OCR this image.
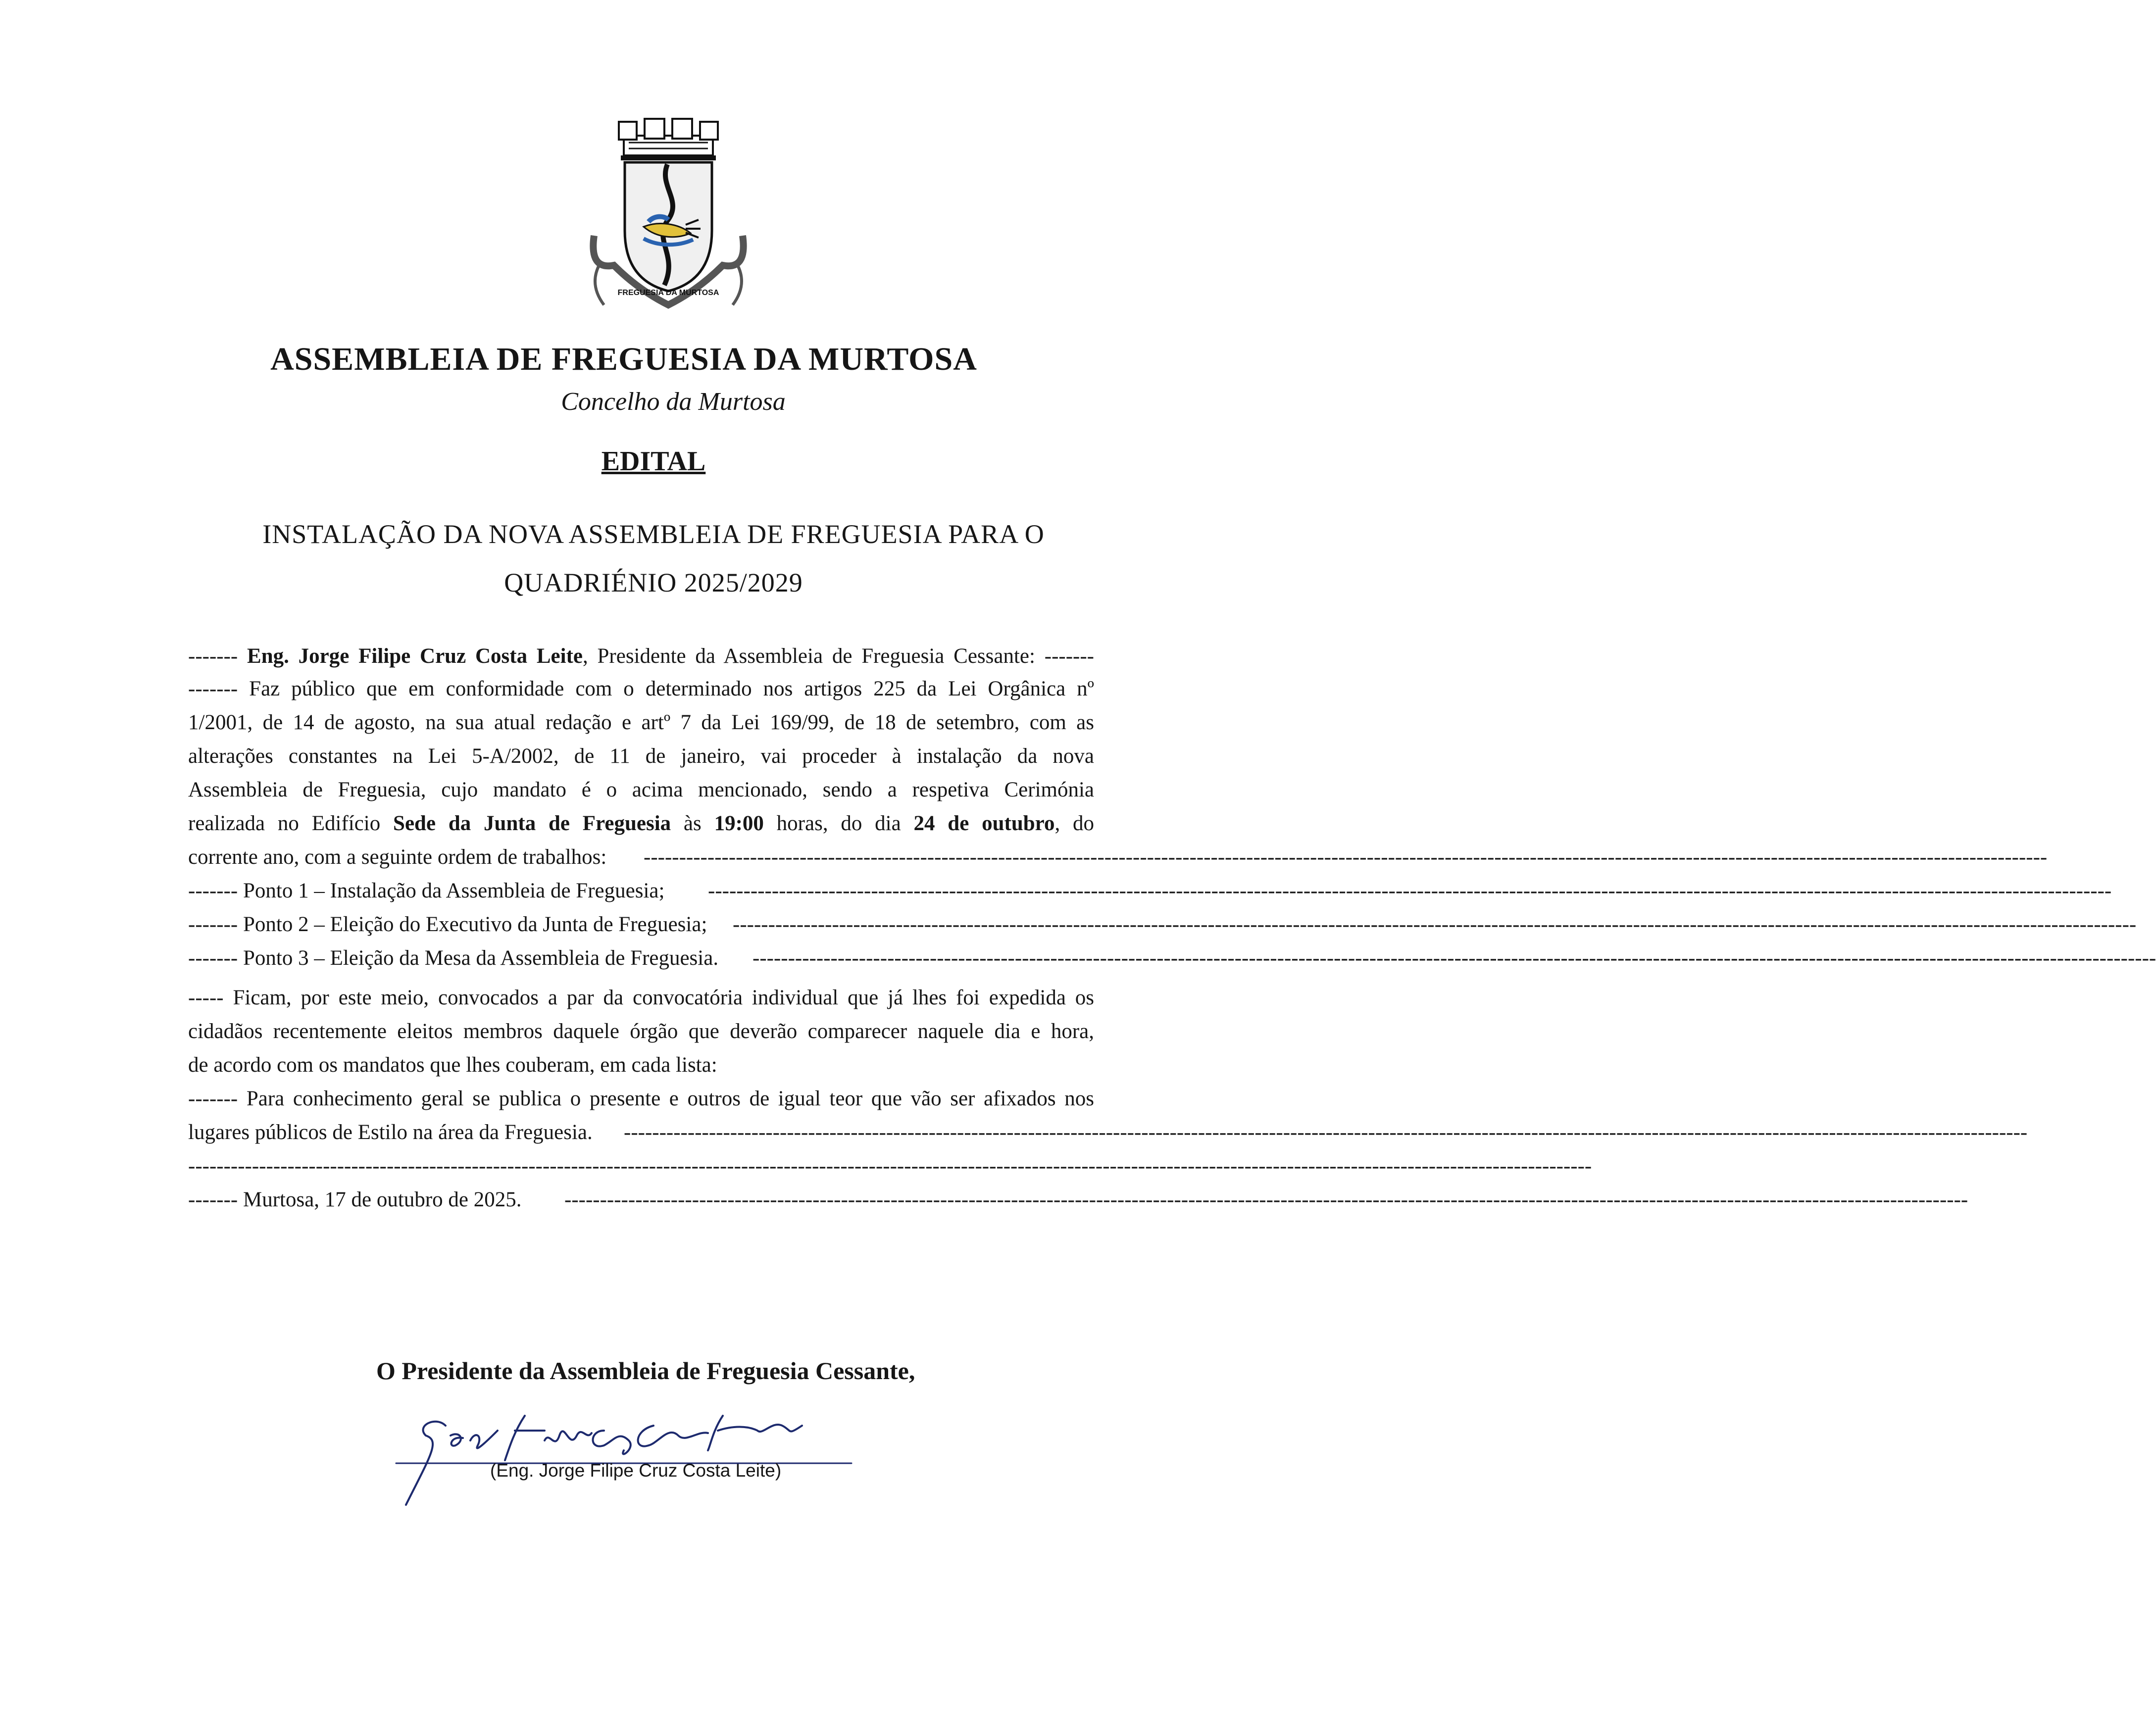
FREGUESIA DA MURTOSA
ASSEMBLEIA DE FREGUESIA DA MURTOSA
Concelho da Murtosa
EDITAL
INSTALAÇÃO DA NOVA ASSEMBLEIA DE FREGUESIA PARA O
QUADRIÉNIO 2025/2029
------- Eng. Jorge Filipe Cruz Costa Leite, Presidente da Assembleia de Freguesia Cessante: -------
------- Faz público que em conformidade com o determinado nos artigos 225 da Lei Orgânica nº
1/2001, de 14 de agosto, na sua atual redação e artº 7 da Lei 169/99, de 18 de setembro, com as
alterações constantes na Lei 5-A/2002, de 11 de janeiro, vai proceder à instalação da nova
Assembleia de Freguesia, cujo mandato é o acima mencionado, sendo a respetiva Cerimónia
realizada no Edifício Sede da Junta de Freguesia às 19:00 horas, do dia 24 de outubro, do
corrente ano, com a seguinte ordem de trabalhos: ------------------------------------------------------------------------------------------------------------------------------------------------------------------------------------------------------
------- Ponto 1 – Instalação da Assembleia de Freguesia; ------------------------------------------------------------------------------------------------------------------------------------------------------------------------------------------------------
------- Ponto 2 – Eleição do Executivo da Junta de Freguesia; ------------------------------------------------------------------------------------------------------------------------------------------------------------------------------------------------------
------- Ponto 3 – Eleição da Mesa da Assembleia de Freguesia. ------------------------------------------------------------------------------------------------------------------------------------------------------------------------------------------------------
----- Ficam, por este meio, convocados a par da convocatória individual que já lhes foi expedida os
cidadãos recentemente eleitos membros daquele órgão que deverão comparecer naquele dia e hora,
de acordo com os mandatos que lhes couberam, em cada lista:
------- Para conhecimento geral se publica o presente e outros de igual teor que vão ser afixados nos
lugares públicos de Estilo na área da Freguesia. ------------------------------------------------------------------------------------------------------------------------------------------------------------------------------------------------------
------------------------------------------------------------------------------------------------------------------------------------------------------------------------------------------------------
------- Murtosa, 17 de outubro de 2025. ------------------------------------------------------------------------------------------------------------------------------------------------------------------------------------------------------
O Presidente da Assembleia de Freguesia Cessante,
Jorge Filipe Cruz Costa Leite
(Eng. Jorge Filipe Cruz Costa Leite)
